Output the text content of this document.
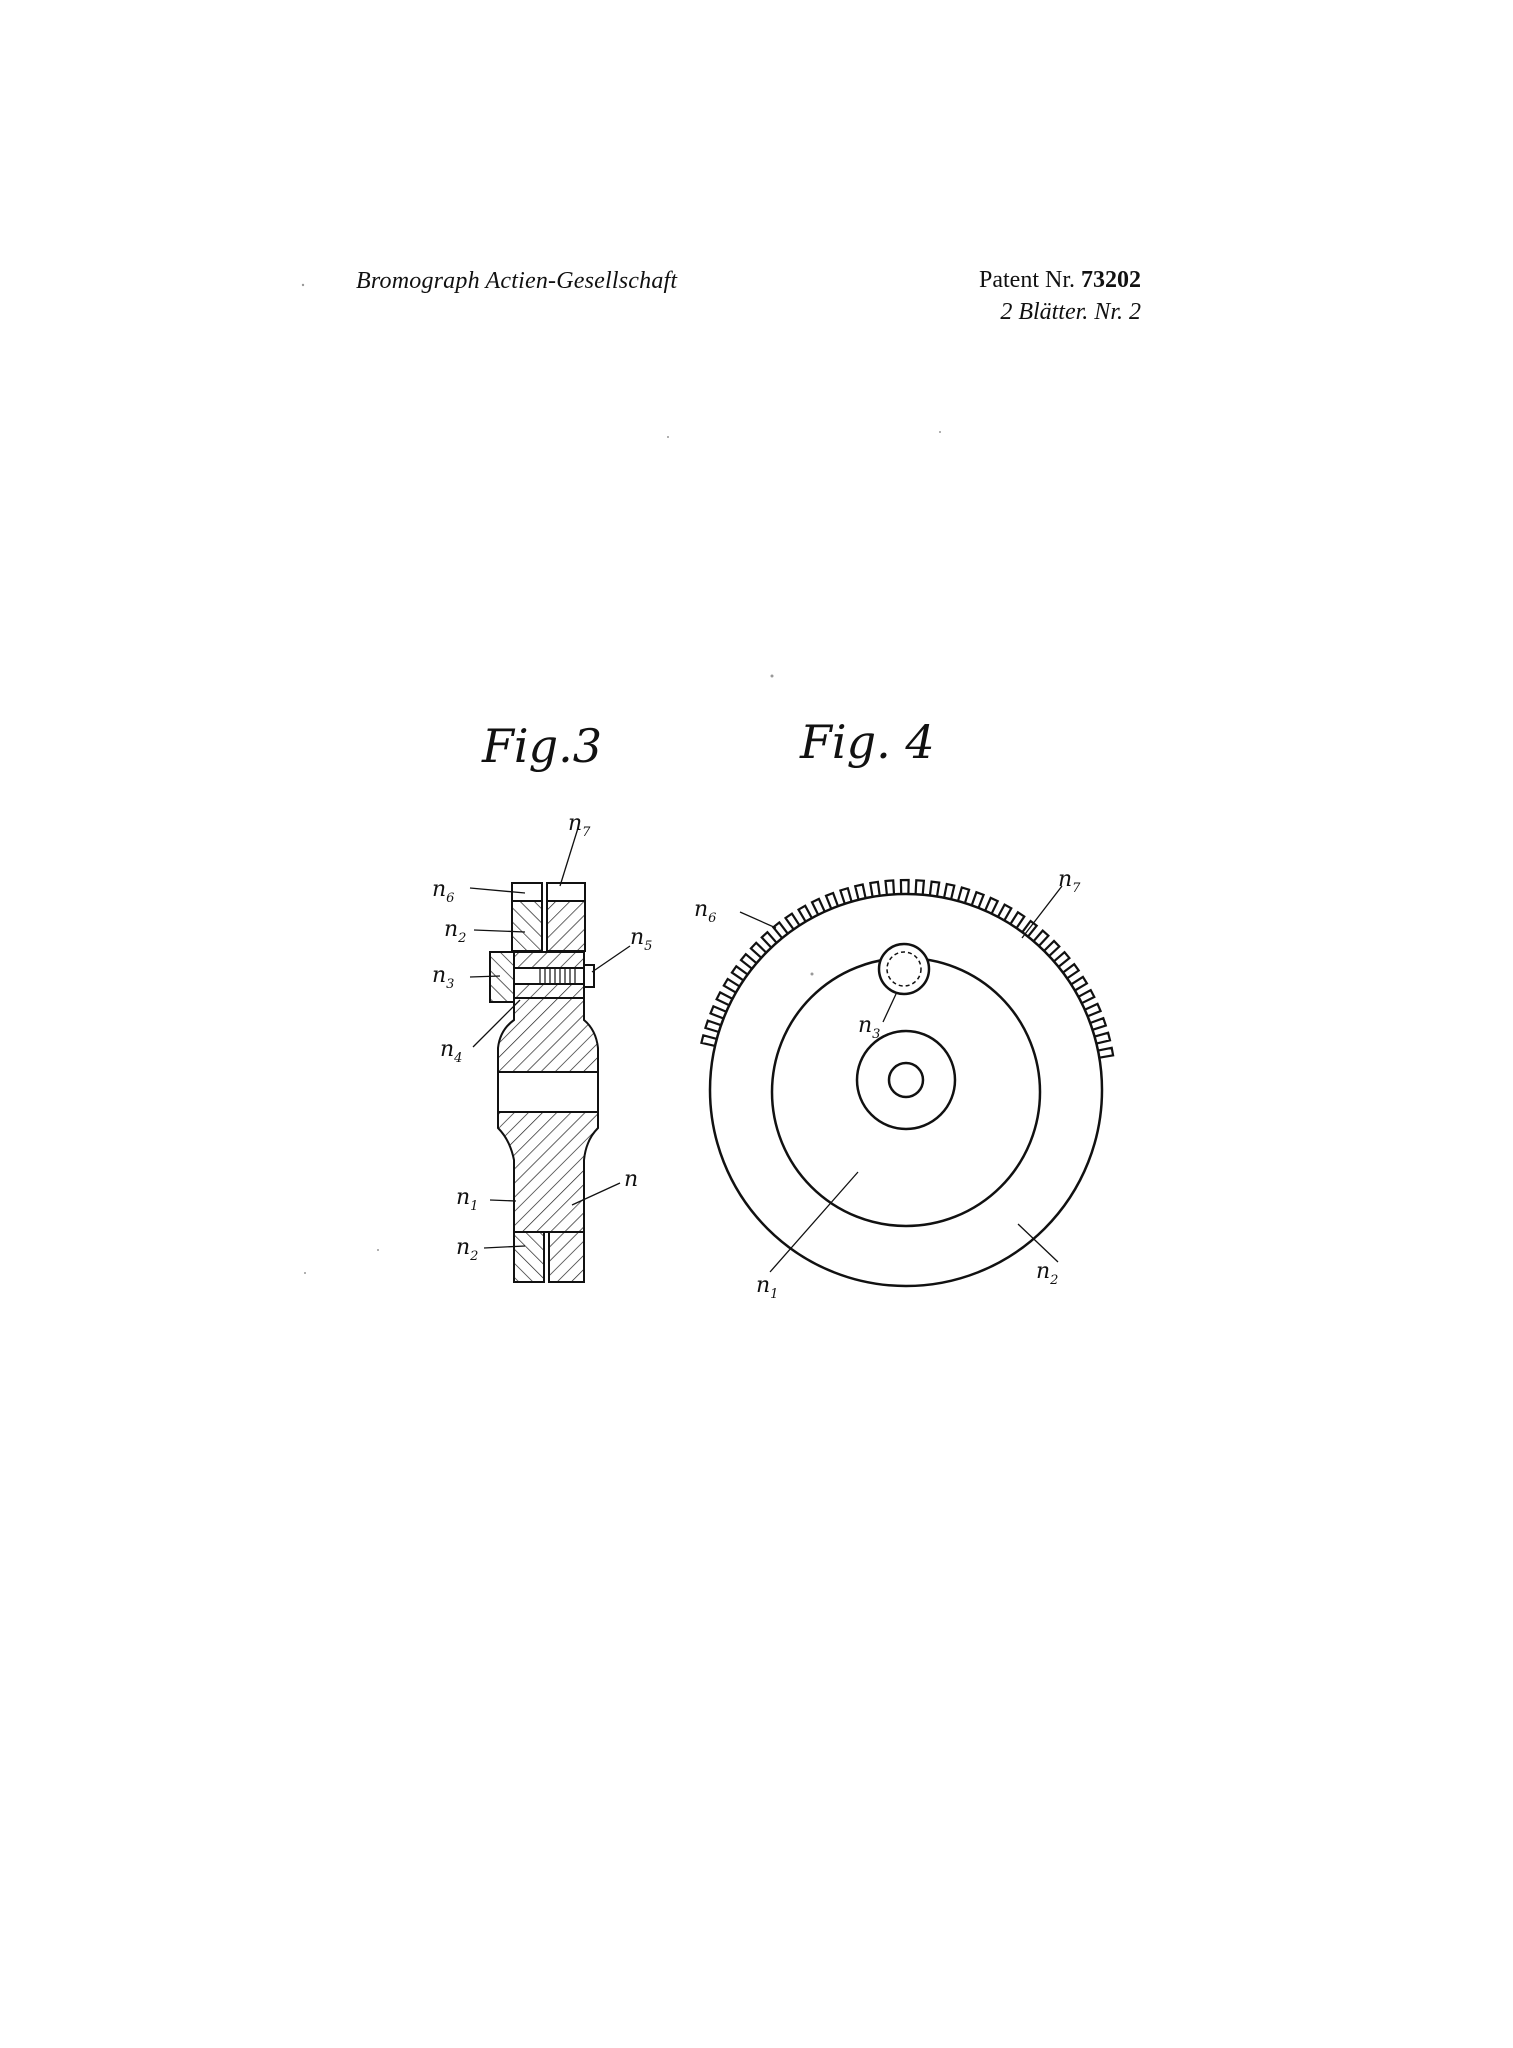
Bromograph Actien-Gesellschaft	Patent Nr. 73202
2 Blätter. Nr. 2
Fig.3
$n_7$
$n_6$
$n_2$	$n_5$
$n_3$
$n_4$
$n_1$
n
$n_2$
Fig. 4
$n_6$
$n_7$
$n_3$
$n_1$
$n_2$
